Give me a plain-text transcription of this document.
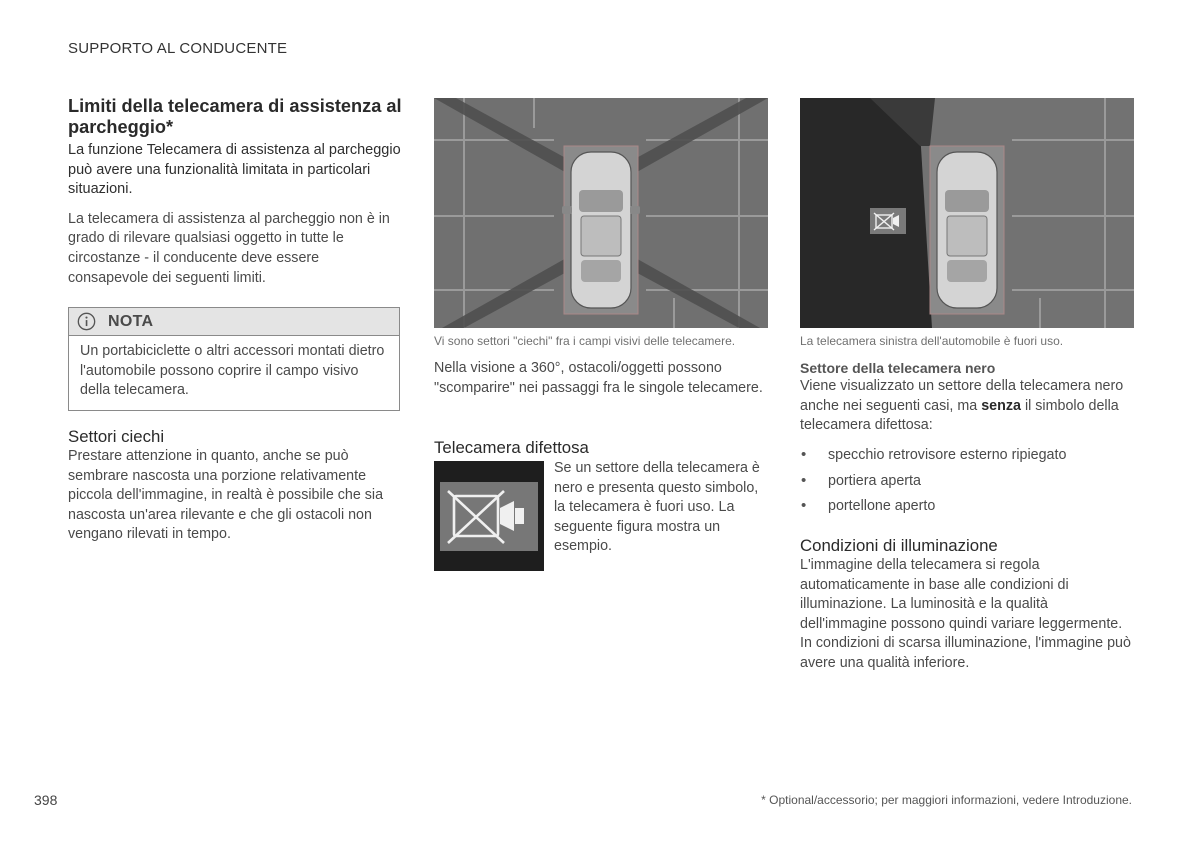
SUPPORTO AL CONDUCENTE
Limiti della telecamera di assistenza al parcheggio*

La funzione Telecamera di assistenza al parcheggio può avere una funzionalità limitata in particolari situazioni.

La telecamera di assistenza al parcheggio non è in grado di rilevare qualsiasi oggetto in tutte le circostanze - il conducente deve essere consapevole dei seguenti limiti.

NOTA

Un portabiciclette o altri accessori montati dietro l'automobile possono coprire il campo visivo della telecamera.

Settori ciechi

Prestare attenzione in quanto, anche se può sembrare nascosta una porzione relativamente piccola dell'immagine, in realtà è possibile che sia nascosta un'area rilevante e che gli ostacoli non vengano rilevati in tempo.

Vi sono settori "ciechi" fra i campi visivi delle telecamere.

Nella visione a 360°, ostacoli/oggetti possono "scomparire" nei passaggi fra le singole telecamere.

Telecamera difettosa

Se un settore della telecamera è nero e presenta questo simbolo, la telecamera è fuori uso. La seguente figura mostra un esempio.

La telecamera sinistra dell'automobile è fuori uso.
Settore della telecamera nero

Viene visualizzato un settore della telecamera nero anche nei seguenti casi, ma senza il simbolo della telecamera difettosa:

• specchio retrovisore esterno ripiegato
• portiera aperta
• portellone aperto
Condizioni di illuminazione

L'immagine della telecamera si regola automaticamente in base alle condizioni di illuminazione. La luminosità e la qualità dell'immagine possono quindi variare leggermente. In condizioni di scarsa illuminazione, l'immagine può avere una qualità inferiore.

398	* Optional/accessorio; per maggiori informazioni, vedere Introduzione.
